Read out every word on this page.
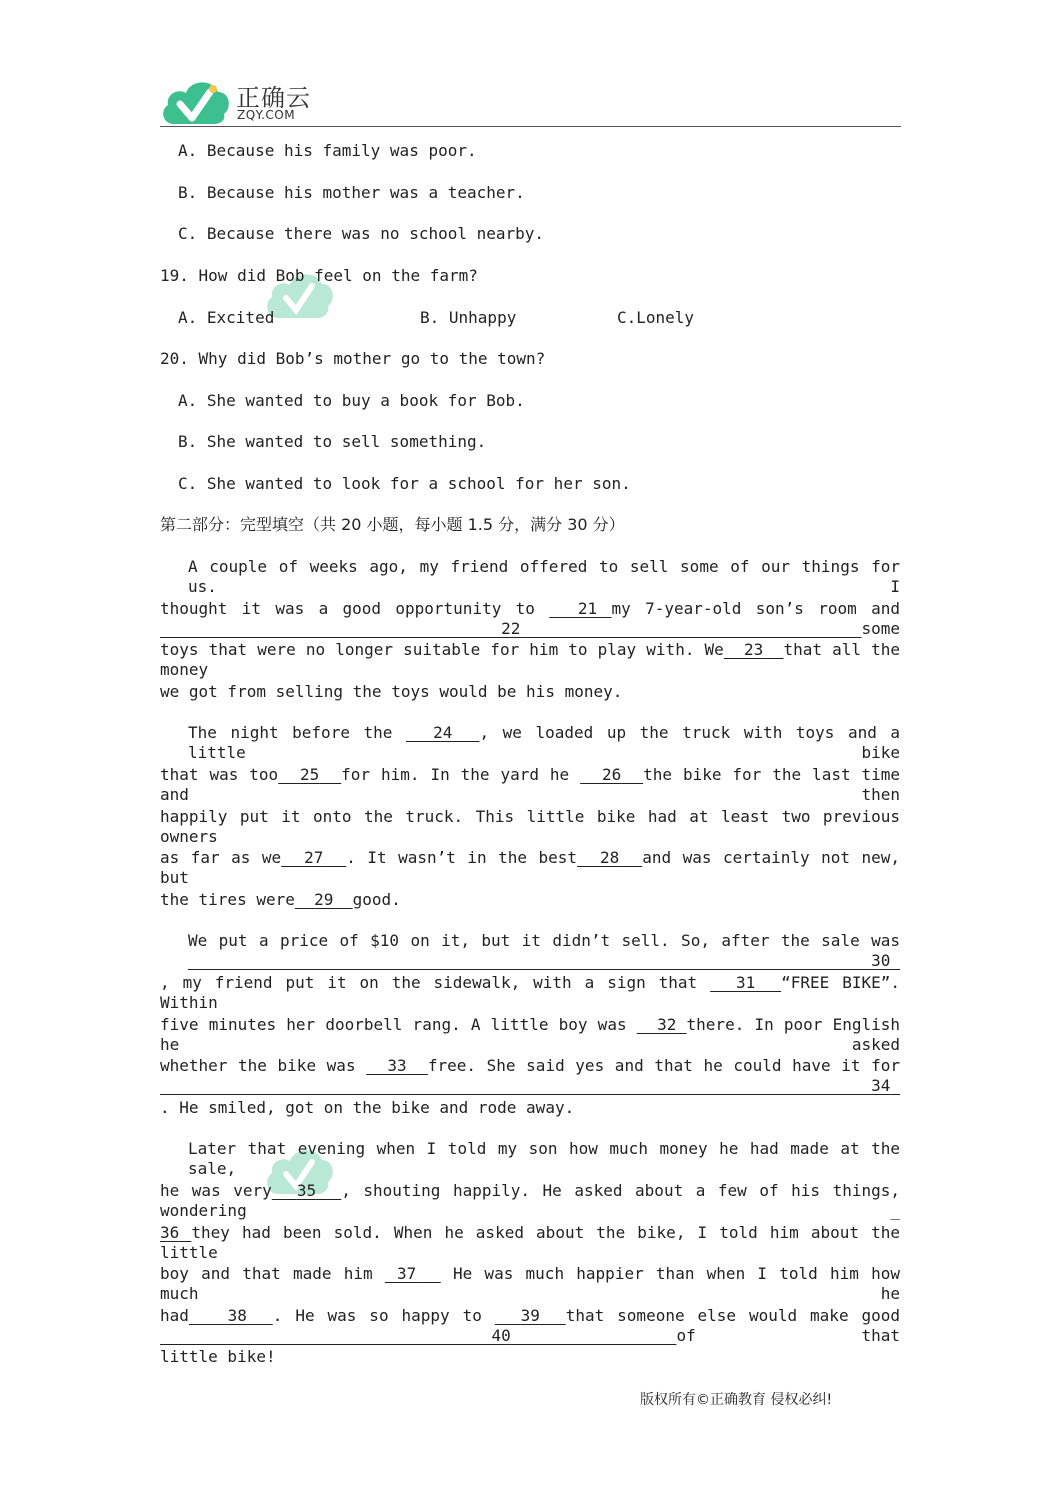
正确云
ZQY.COM
A. Because his family was poor.
B. Because his mother was a teacher.
C. Because there was no school nearby.
19. How did Bob feel on the farm?
A. Excited	B. Unhappy	C.Lonely
20. Why did Bob’s mother go to the town?
A. She wanted to buy a book for Bob.
B. She wanted to sell something.
C. She wanted to look for a school for her son.
第二部分：完型填空（共 20 小题，每小题 1.5 分，满分 30 分）
A couple of weeks ago, my friend offered to sell some of our things for us. I
thought it was a good opportunity to	21 my 7-year-old son’s room and  22	some
toys that were no longer suitable for him to play with. We 23 that all the money
we got from selling the toys would be his money.
The night before the	24 , we loaded up the truck with toys and a little bike
that was too 25 for him. In the yard he 26 the bike for the last time and then
happily put it onto the truck. This little bike had at least two previous owners
as far as we 27 . It wasn’t in the best 28 and was certainly not new, but
the tires were 29 good.
We put a price of $10 on it, but it didn’t sell. So, after the sale was  30
, my friend put it on the sidewalk, with a sign that 31 “FREE BIKE”. Within
five minutes her doorbell rang. A little boy was 32 there. In poor English he asked
whether the bike was 33 free. She said yes and that he could have it for  34
. He smiled, got on the bike and rode away.
Later that evening when I told my son how much money he had made at the sale,
he was very 35 , shouting happily. He asked about a few of his things, wondering _
36 they had been sold. When he asked about the bike, I told him about the little
boy and that made him 37 He was much happier than when I told him how much he
had 38 . He was so happy to 39 that someone else would make good  40	of that
little bike!
版权所有©正确教育 侵权必纠!
